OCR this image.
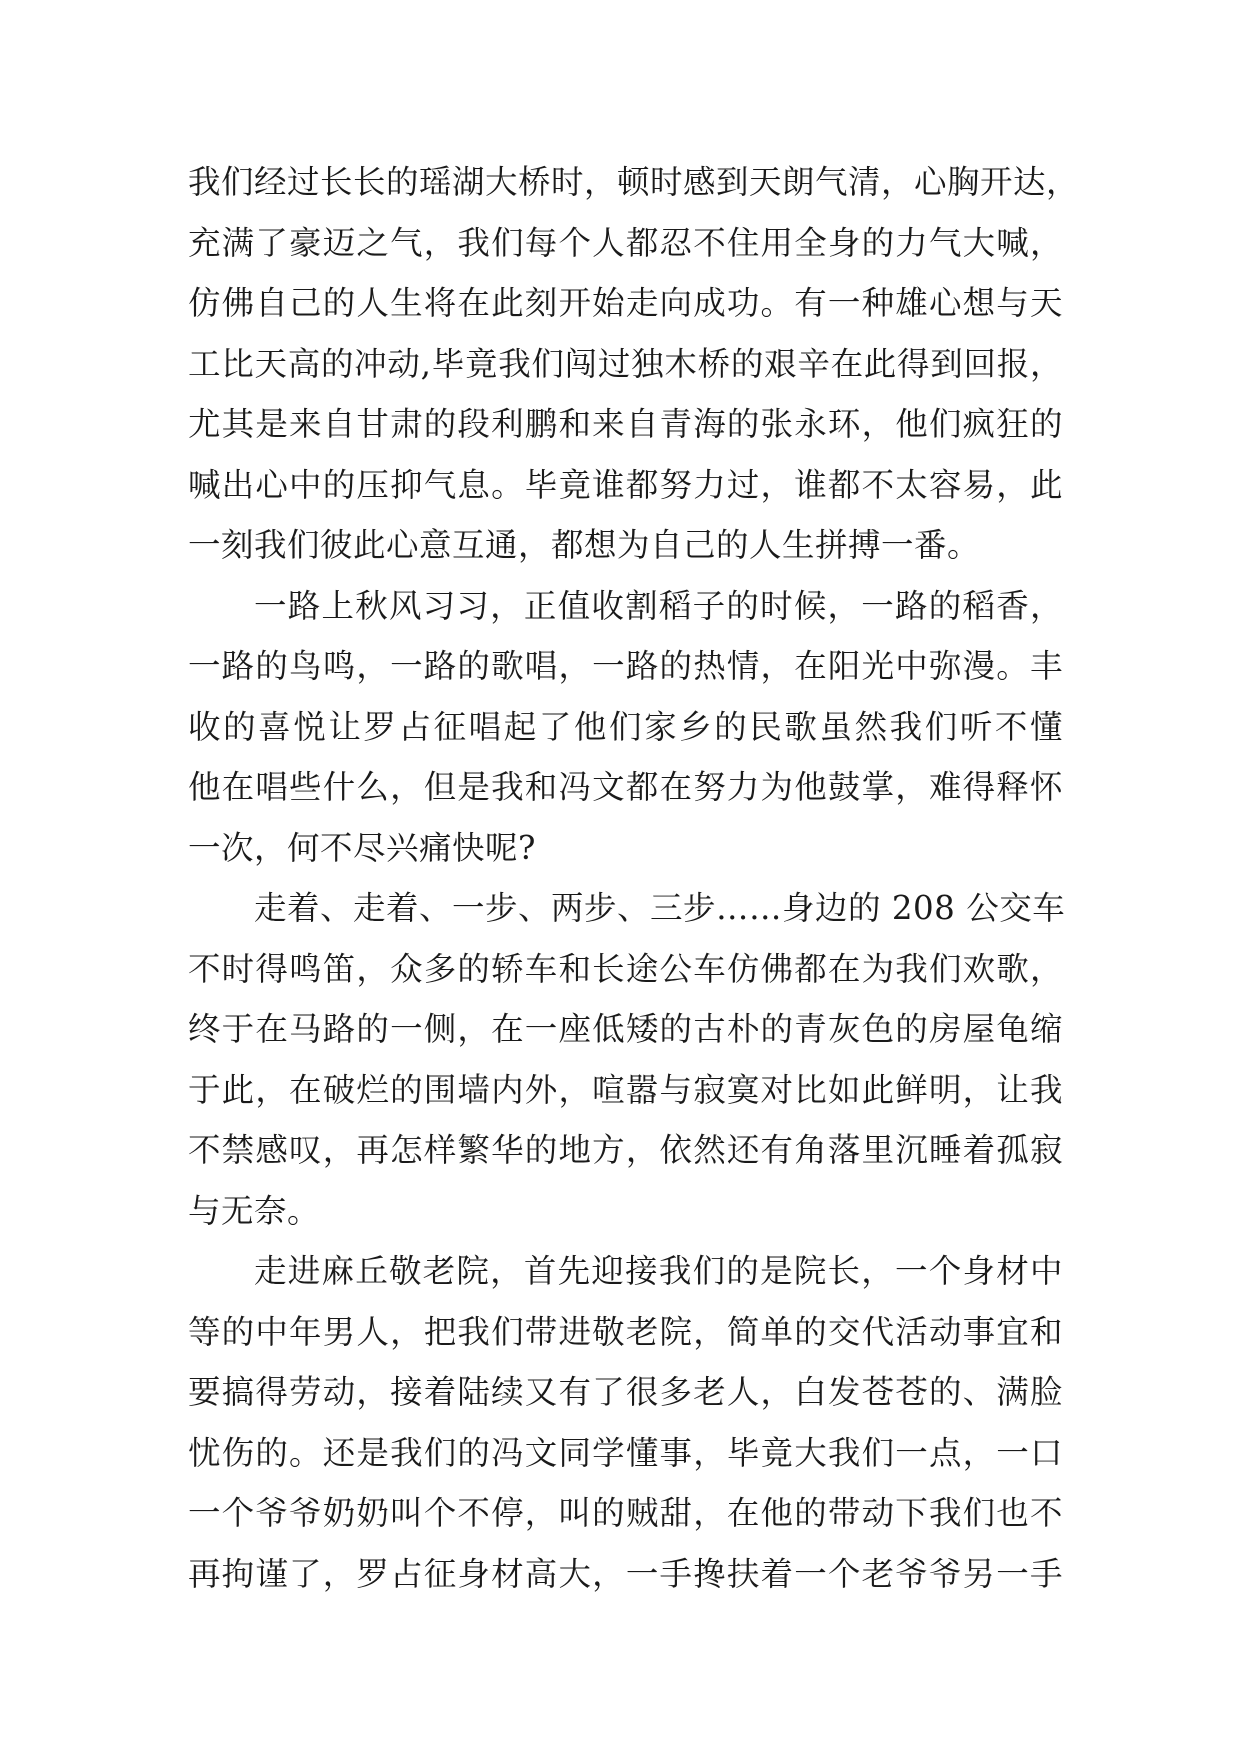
我们经过长长的瑶湖大桥时，顿时感到天朗气清，心胸开达，
充满了豪迈之气，我们每个人都忍不住用全身的力气大喊，
仿佛自己的人生将在此刻开始走向成功。有一种雄心想与天
工比天高的冲动,毕竟我们闯过独木桥的艰辛在此得到回报，
尤其是来自甘肃的段利鹏和来自青海的张永环，他们疯狂的
喊出心中的压抑气息。毕竟谁都努力过，谁都不太容易，此
一刻我们彼此心意互通，都想为自己的人生拼搏一番。
一路上秋风习习，正值收割稻子的时候，一路的稻香，
一路的鸟鸣，一路的歌唱，一路的热情，在阳光中弥漫。丰
收的喜悦让罗占征唱起了他们家乡的民歌虽然我们听不懂
他在唱些什么，但是我和冯文都在努力为他鼓掌，难得释怀
一次，何不尽兴痛快呢?
走着、走着、一步、两步、三步……身边的 208 公交车
不时得鸣笛，众多的轿车和长途公车仿佛都在为我们欢歌，
终于在马路的一侧，在一座低矮的古朴的青灰色的房屋龟缩
于此，在破烂的围墙内外，喧嚣与寂寞对比如此鲜明，让我
不禁感叹，再怎样繁华的地方，依然还有角落里沉睡着孤寂
与无奈。
走进麻丘敬老院，首先迎接我们的是院长，一个身材中
等的中年男人，把我们带进敬老院，简单的交代活动事宜和
要搞得劳动，接着陆续又有了很多老人，白发苍苍的、满脸
忧伤的。还是我们的冯文同学懂事，毕竟大我们一点，一口
一个爷爷奶奶叫个不停，叫的贼甜，在他的带动下我们也不
再拘谨了，罗占征身材高大，一手搀扶着一个老爷爷另一手
